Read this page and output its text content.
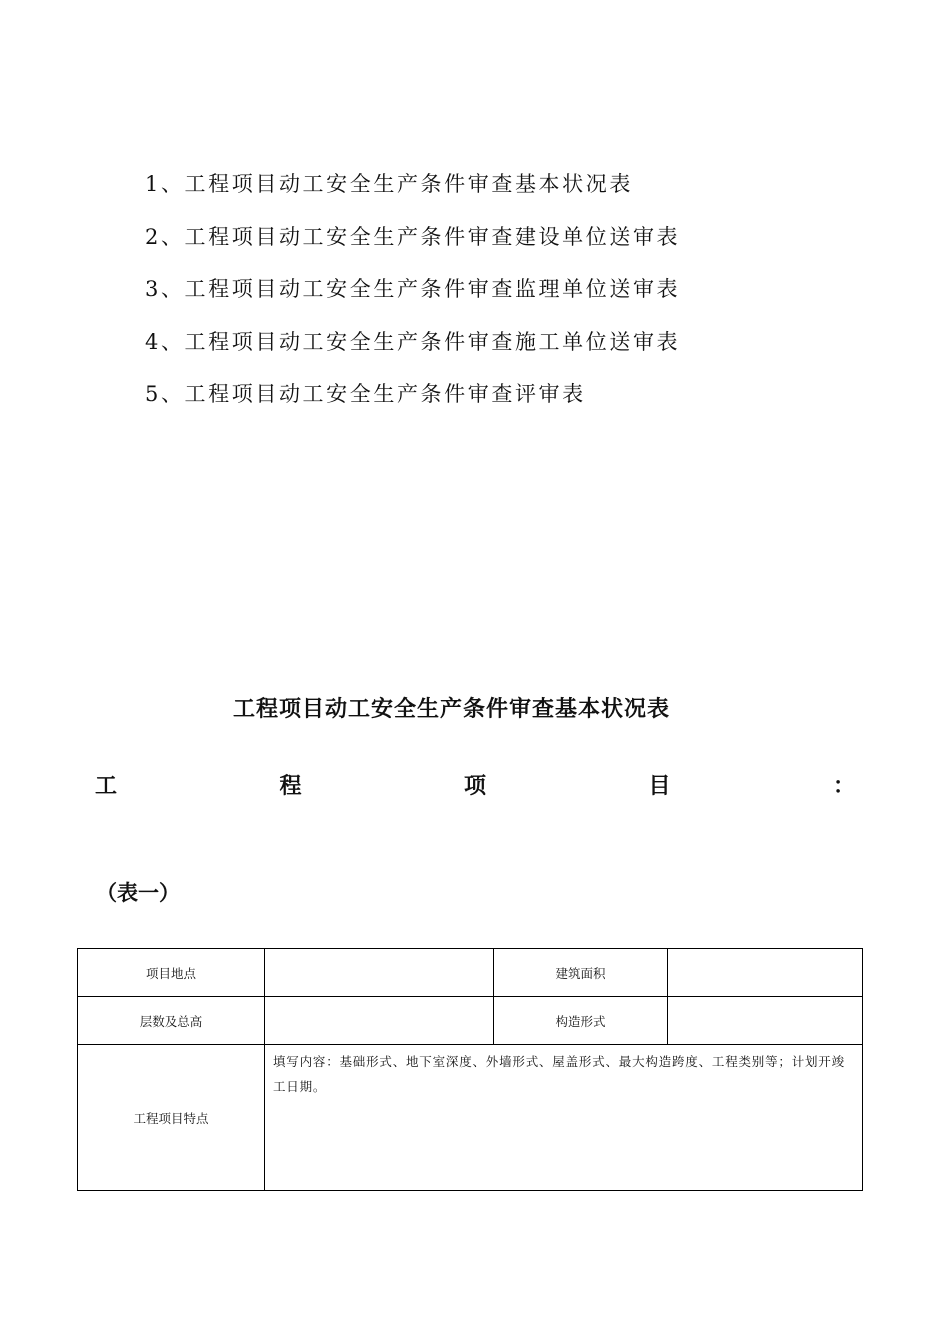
1、工程项目动工安全生产条件审查基本状况表
2、工程项目动工安全生产条件审查建设单位送审表
3、工程项目动工安全生产条件审查监理单位送审表
4、工程项目动工安全生产条件审查施工单位送审表
5、工程项目动工安全生产条件审查评审表
工程项目动工安全生产条件审查基本状况表
工	程	项	目	：
（表一）
项目地点		建筑面积	
层数及总高		构造形式	
工程项目特点	填写内容：基础形式、地下室深度、外墙形式、屋盖形式、最大构造跨度、工程类别等；计划开竣工日期。		
